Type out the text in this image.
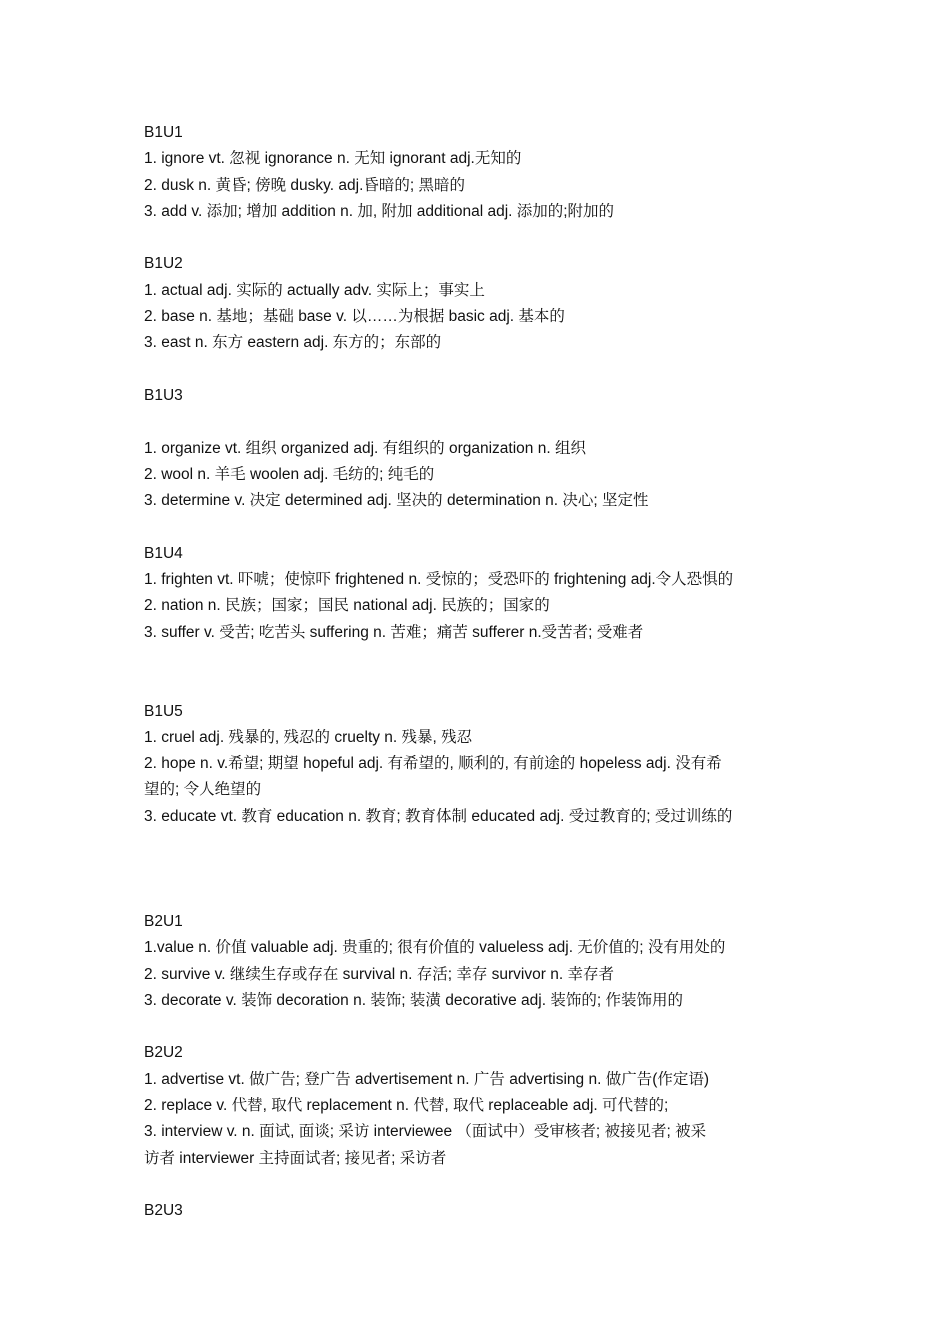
B1U1
1. ignore vt. 忽视 ignorance n. 无知 ignorant adj.无知的
2. dusk n. 黄昏; 傍晚 dusky. adj.昏暗的; 黑暗的
3. add v. 添加; 增加 addition n. 加, 附加 additional adj. 添加的;附加的
B1U2
1. actual adj. 实际的 actually adv. 实际上；事实上
2. base n. 基地；基础 base v. 以……为根据 basic adj. 基本的
3. east n. 东方 eastern adj. 东方的；东部的
B1U3
1. organize vt. 组织 organized adj. 有组织的 organization n. 组织
2. wool n. 羊毛 woolen adj. 毛纺的; 纯毛的
3. determine v. 决定 determined adj. 坚决的 determination n. 决心; 坚定性
B1U4
1. frighten vt. 吓唬；使惊吓 frightened n. 受惊的；受恐吓的 frightening adj.令人恐惧的
2. nation n. 民族；国家；国民 national adj. 民族的；国家的
3. suffer v. 受苦; 吃苦头 suffering n. 苦难；痛苦 sufferer n.受苦者; 受难者
B1U5
1. cruel adj. 残暴的, 残忍的 cruelty n. 残暴, 残忍
2. hope n. v.希望; 期望 hopeful adj. 有希望的, 顺利的, 有前途的 hopeless adj. 没有希
望的; 令人绝望的
3. educate vt. 教育 education n. 教育; 教育体制 educated adj. 受过教育的; 受过训练的
B2U1
1.value n. 价值 valuable adj. 贵重的; 很有价值的 valueless adj. 无价值的; 没有用处的
2. survive v. 继续生存或存在 survival n. 存活; 幸存 survivor n. 幸存者
3. decorate v. 装饰 decoration n. 装饰; 装潢 decorative adj. 装饰的; 作装饰用的
B2U2
1. advertise vt. 做广告; 登广告 advertisement n. 广告 advertising n. 做广告(作定语)
2. replace v. 代替, 取代 replacement n. 代替, 取代 replaceable adj. 可代替的;
3. interview v. n. 面试, 面谈; 采访 interviewee （面试中）受审核者; 被接见者; 被采
访者 interviewer 主持面试者; 接见者; 采访者
B2U3
